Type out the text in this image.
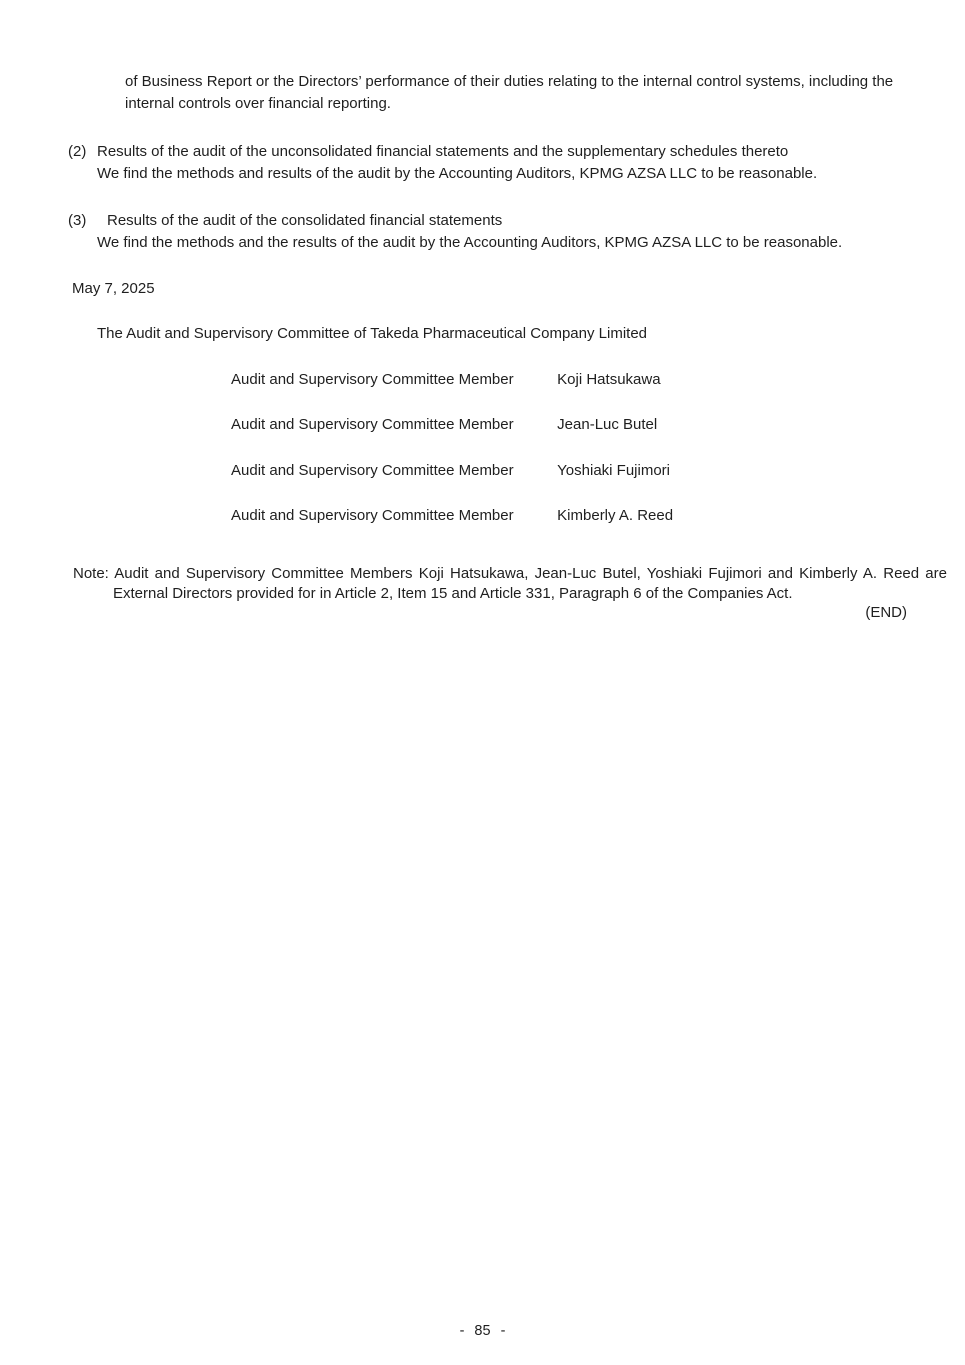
of Business Report or the Directors’ performance of their duties relating to the internal control systems, including the internal controls over financial reporting.
(2) Results of the audit of the unconsolidated financial statements and the supplementary schedules thereto
We find the methods and results of the audit by the Accounting Auditors, KPMG AZSA LLC to be reasonable.
(3) Results of the audit of the consolidated financial statements
We find the methods and the results of the audit by the Accounting Auditors, KPMG AZSA LLC to be reasonable.
May 7, 2025
The Audit and Supervisory Committee of Takeda Pharmaceutical Company Limited
Audit and Supervisory Committee Member	Koji Hatsukawa
Audit and Supervisory Committee Member	Jean-Luc Butel
Audit and Supervisory Committee Member	Yoshiaki Fujimori
Audit and Supervisory Committee Member	Kimberly A. Reed
Note: Audit and Supervisory Committee Members Koji Hatsukawa, Jean-Luc Butel, Yoshiaki Fujimori and Kimberly A. Reed are External Directors provided for in Article 2, Item 15 and Article 331, Paragraph 6 of the Companies Act.
(END)
- 85 -
